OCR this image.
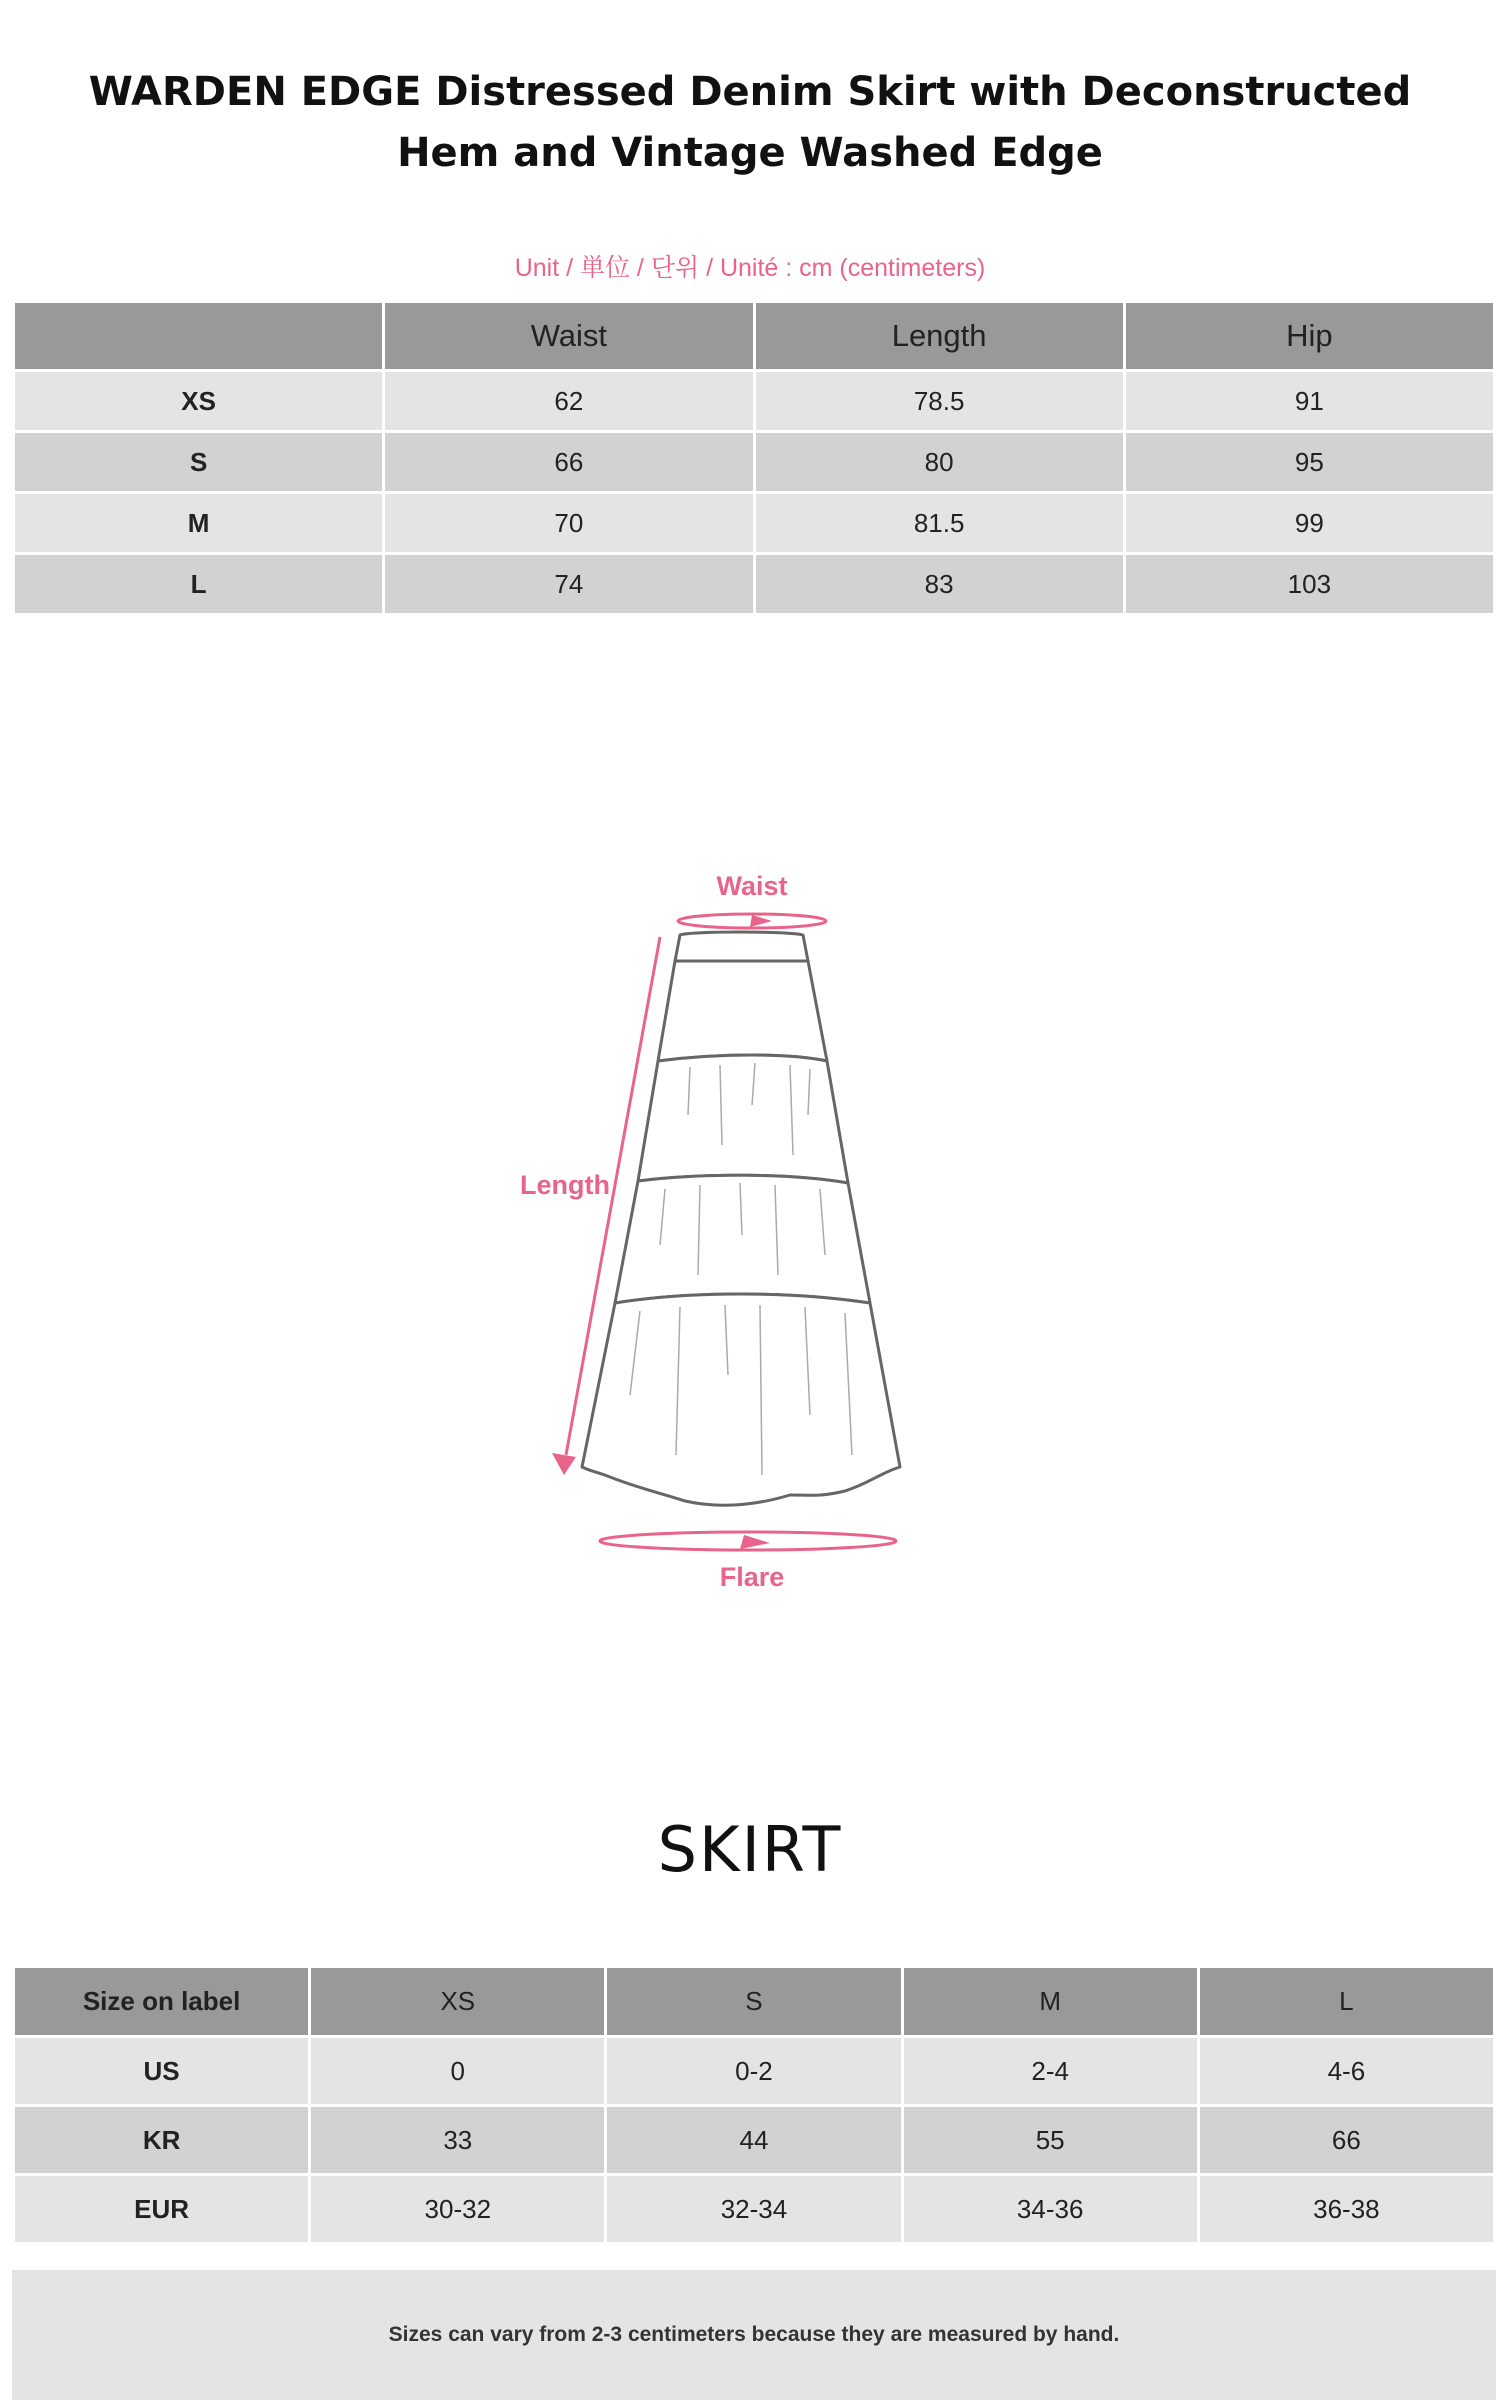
WARDEN EDGE Distressed Denim Skirt with Deconstructed Hem and Vintage Washed Edge
Unit / 単位 / 단위 / Unité : cm (centimeters)
	Waist	Length	Hip
XS	62	78.5	91
S	66	80	95
M	70	81.5	99
L	74	83	103
Waist
Length
Flare
SKIRT
Size on label	XS	S	M	L
US	0	0-2	2-4	4-6
KR	33	44	55	66
EUR	30-32	32-34	34-36	36-38
Sizes can vary from 2-3 centimeters because they are measured by hand.
